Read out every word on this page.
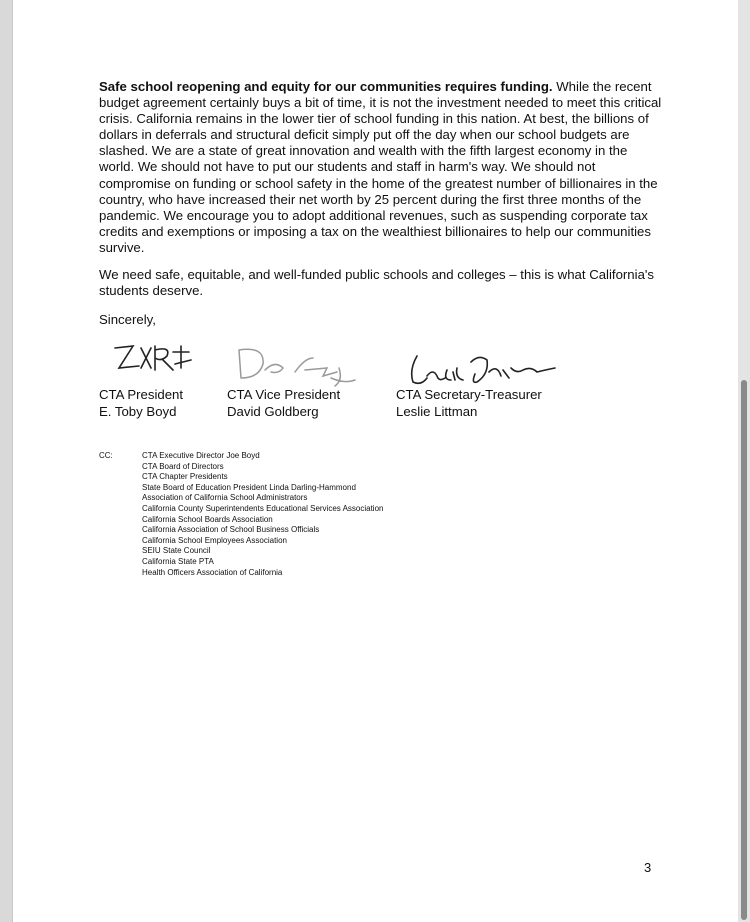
Safe school reopening and equity for our communities requires funding. While the recent budget agreement certainly buys a bit of time, it is not the investment needed to meet this critical crisis. California remains in the lower tier of school funding in this nation. At best, the billions of dollars in deferrals and structural deficit simply put off the day when our school budgets are slashed. We are a state of great innovation and wealth with the fifth largest economy in the world. We should not have to put our students and staff in harm's way. We should not compromise on funding or school safety in the home of the greatest number of billionaires in the country, who have increased their net worth by 25 percent during the first three months of the pandemic. We encourage you to adopt additional revenues, such as suspending corporate tax credits and exemptions or imposing a tax on the wealthiest billionaires to help our communities survive.
We need safe, equitable, and well-funded public schools and colleges – this is what California's students deserve.
Sincerely,
CTA President
E. Toby Boyd
CTA Vice President
David Goldberg
CTA Secretary-Treasurer
Leslie Littman
CC:	CTA Executive Director Joe Boyd
CTA Board of Directors
CTA Chapter Presidents
State Board of Education President Linda Darling-Hammond
Association of California School Administrators
California County Superintendents Educational Services Association
California School Boards Association
California Association of School Business Officials
California School Employees Association
SEIU State Council
California State PTA
Health Officers Association of California
3
